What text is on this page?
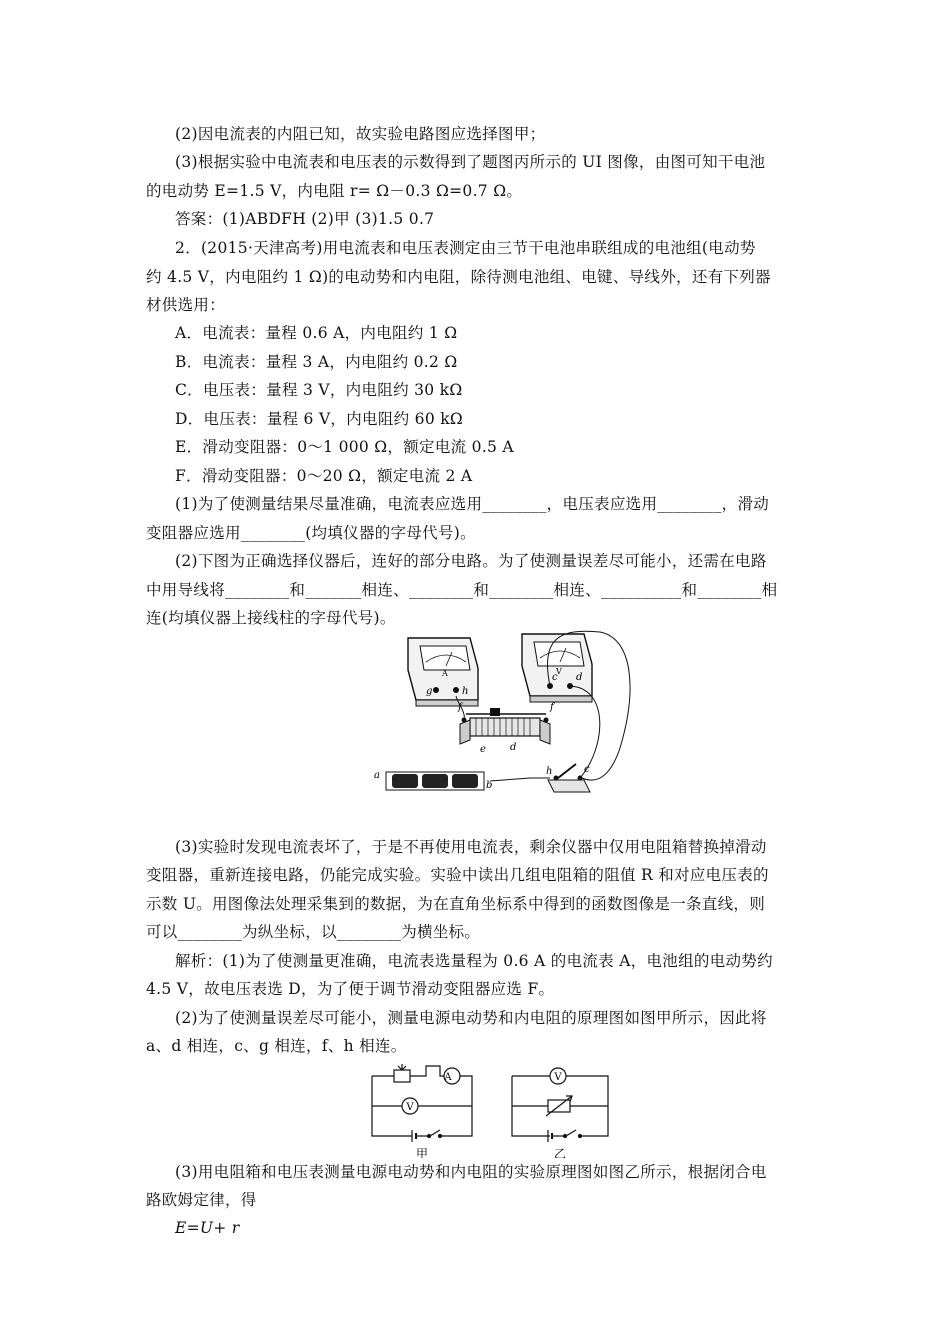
(2)因电流表的内阻已知，故实验电路图应选择图甲；
(3)根据实验中电流表和电压表的示数得到了题图丙所示的 UI 图像，由图可知干电池
的电动势 E=1.5 V，内电阻 r= Ω－0.3 Ω=0.7 Ω。
答案：(1)ABDFH (2)甲 (3)1.5 0.7
2．(2015·天津高考)用电流表和电压表测定由三节干电池串联组成的电池组(电动势
约 4.5 V，内电阻约 1 Ω)的电动势和内电阻，除待测电池组、电键、导线外，还有下列器
材供选用：
A．电流表：量程 0.6 A，内电阻约 1 Ω
B．电流表：量程 3 A，内电阻约 0.2 Ω
C．电压表：量程 3 V，内电阻约 30 kΩ
D．电压表：量程 6 V，内电阻约 60 kΩ
E．滑动变阻器：0～1 000 Ω，额定电流 0.5 A
F．滑动变阻器：0～20 Ω，额定电流 2 A
(1)为了使测量结果尽量准确，电流表应选用________，电压表应选用________，滑动
变阻器应选用________(均填仪器的字母代号)。
(2)下图为正确选择仪器后，连好的部分电路。为了使测量误差尽可能小，还需在电路
中用导线将________和_______相连、________和________相连、__________和________相
连(均填仪器上接线柱的字母代号)。
(3)实验时发现电流表坏了，于是不再使用电流表，剩余仪器中仅用电阻箱替换掉滑动
变阻器，重新连接电路，仍能完成实验。实验中读出几组电阻箱的阻值 R 和对应电压表的
示数 U。用图像法处理采集到的数据，为在直角坐标系中得到的函数图像是一条直线，则
可以________为纵坐标，以________为横坐标。
解析：(1)为了使测量更准确，电流表选量程为 0.6 A 的电流表 A，电池组的电动势约
4.5 V，故电压表选 D，为了便于调节滑动变阻器应选 F。
(2)为了使测量误差尽可能小，测量电源电动势和内电阻的原理图如图甲所示，因此将
a、d 相连，c、g 相连，f、h 相连。
(3)用电阻箱和电压表测量电源电动势和内电阻的实验原理图如图乙所示，根据闭合电
路欧姆定律，得
E=U+ r
A
g	h
V
c d
f	f
e d
a
b
h	c
A
V
甲
V
乙
